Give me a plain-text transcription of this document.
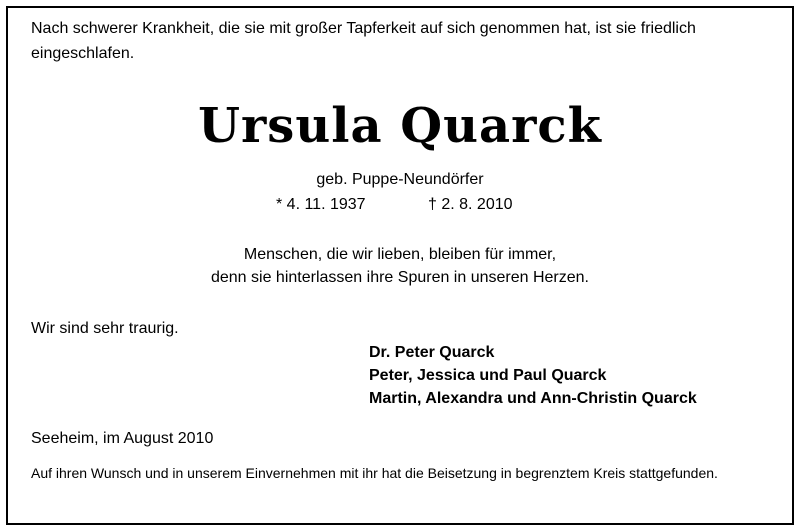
Nach schwerer Krankheit, die sie mit großer Tapferkeit auf sich genommen hat, ist sie friedlich eingeschlafen.
Ursula Quarck
geb. Puppe-Neundörfer
* 4. 11. 1937	† 2. 8. 2010
Menschen, die wir lieben, bleiben für immer,
denn sie hinterlassen ihre Spuren in unseren Herzen.
Wir sind sehr traurig.
Dr. Peter Quarck
Peter, Jessica und Paul Quarck
Martin, Alexandra und Ann-Christin Quarck
Seeheim, im August 2010
Auf ihren Wunsch und in unserem Einvernehmen mit ihr hat die Beisetzung in begrenztem Kreis stattgefunden.
